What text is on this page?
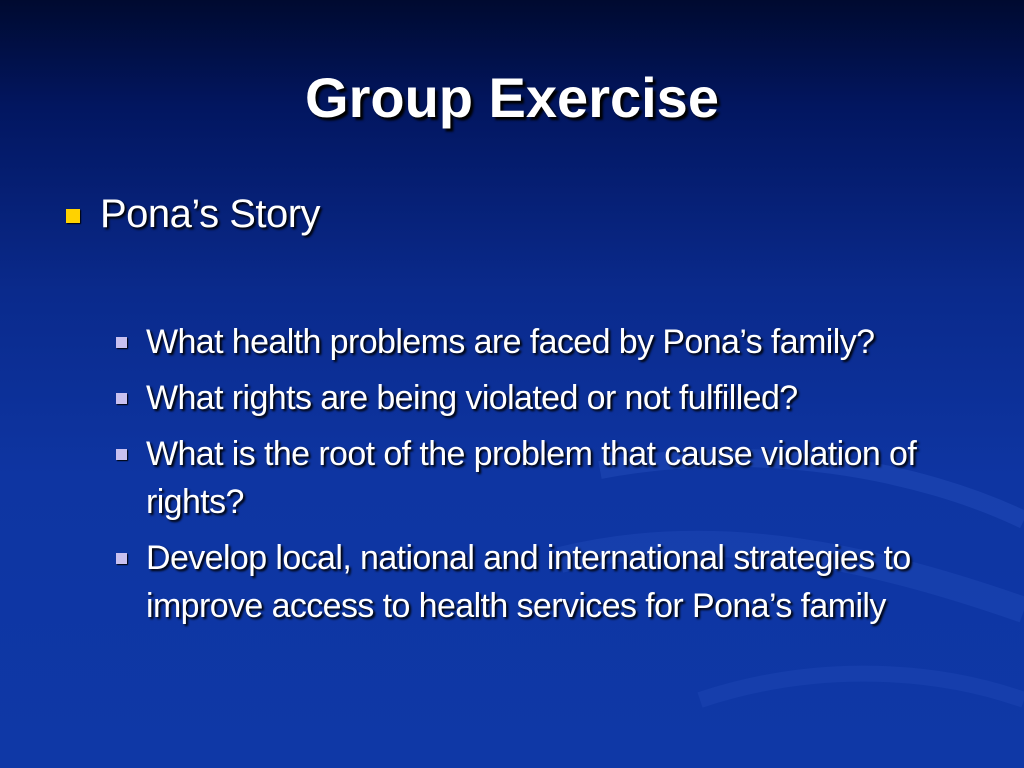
Group Exercise
Pona’s Story
What health problems are faced by Pona’s family?
What rights are being violated or not fulfilled?
What is the root of the problem that cause violation of rights?
Develop local, national and international strategies to improve access to health services for Pona’s family
